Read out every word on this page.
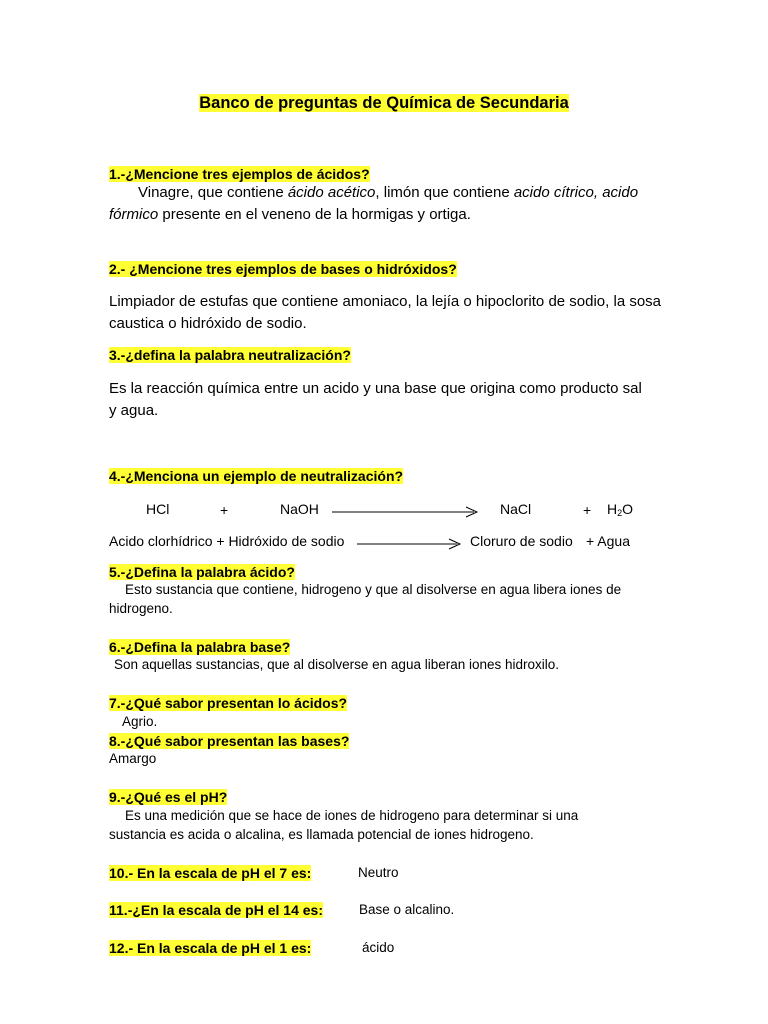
Banco de preguntas de Química de Secundaria
1.-¿Mencione tres ejemplos de ácidos?
Vinagre, que contiene ácido acético, limón que contiene acido cítrico, acido fórmico presente en el veneno de la hormigas y ortiga.
2.- ¿Mencione tres ejemplos de bases o hidróxidos?
Limpiador de estufas que contiene amoniaco, la lejía o hipoclorito de sodio, la sosa caustica o hidróxido de sodio.
3.-¿defina la palabra neutralización?
Es la reacción química entre un acido y una base que origina como producto sal y agua.
4.-¿Menciona un ejemplo de neutralización?
HCl	+	NaOH	NaCl	+ $H_2O$
Acido clorhídrico + Hidróxido de sodio	Cloruro de sodio + Agua
5.-¿Defina la palabra ácido?
Esto sustancia que contiene, hidrogeno y que al disolverse en agua libera iones de hidrogeno.
6.-¿Defina la palabra base?
Son aquellas sustancias, que al disolverse en agua liberan iones hidroxilo.
7.-¿Qué sabor presentan lo ácidos?
Agrio.
8.-¿Qué sabor presentan las bases?
Amargo
9.-¿Qué es el pH?
Es una medición que se hace de iones de hidrogeno para determinar si una sustancia es acida o alcalina, es llamada potencial de iones hidrogeno.
10.- En la escala de pH el 7 es:	Neutro
11.-¿En la escala de pH el 14 es:	Base o alcalino.
12.- En la escala de pH el 1 es:	ácido
